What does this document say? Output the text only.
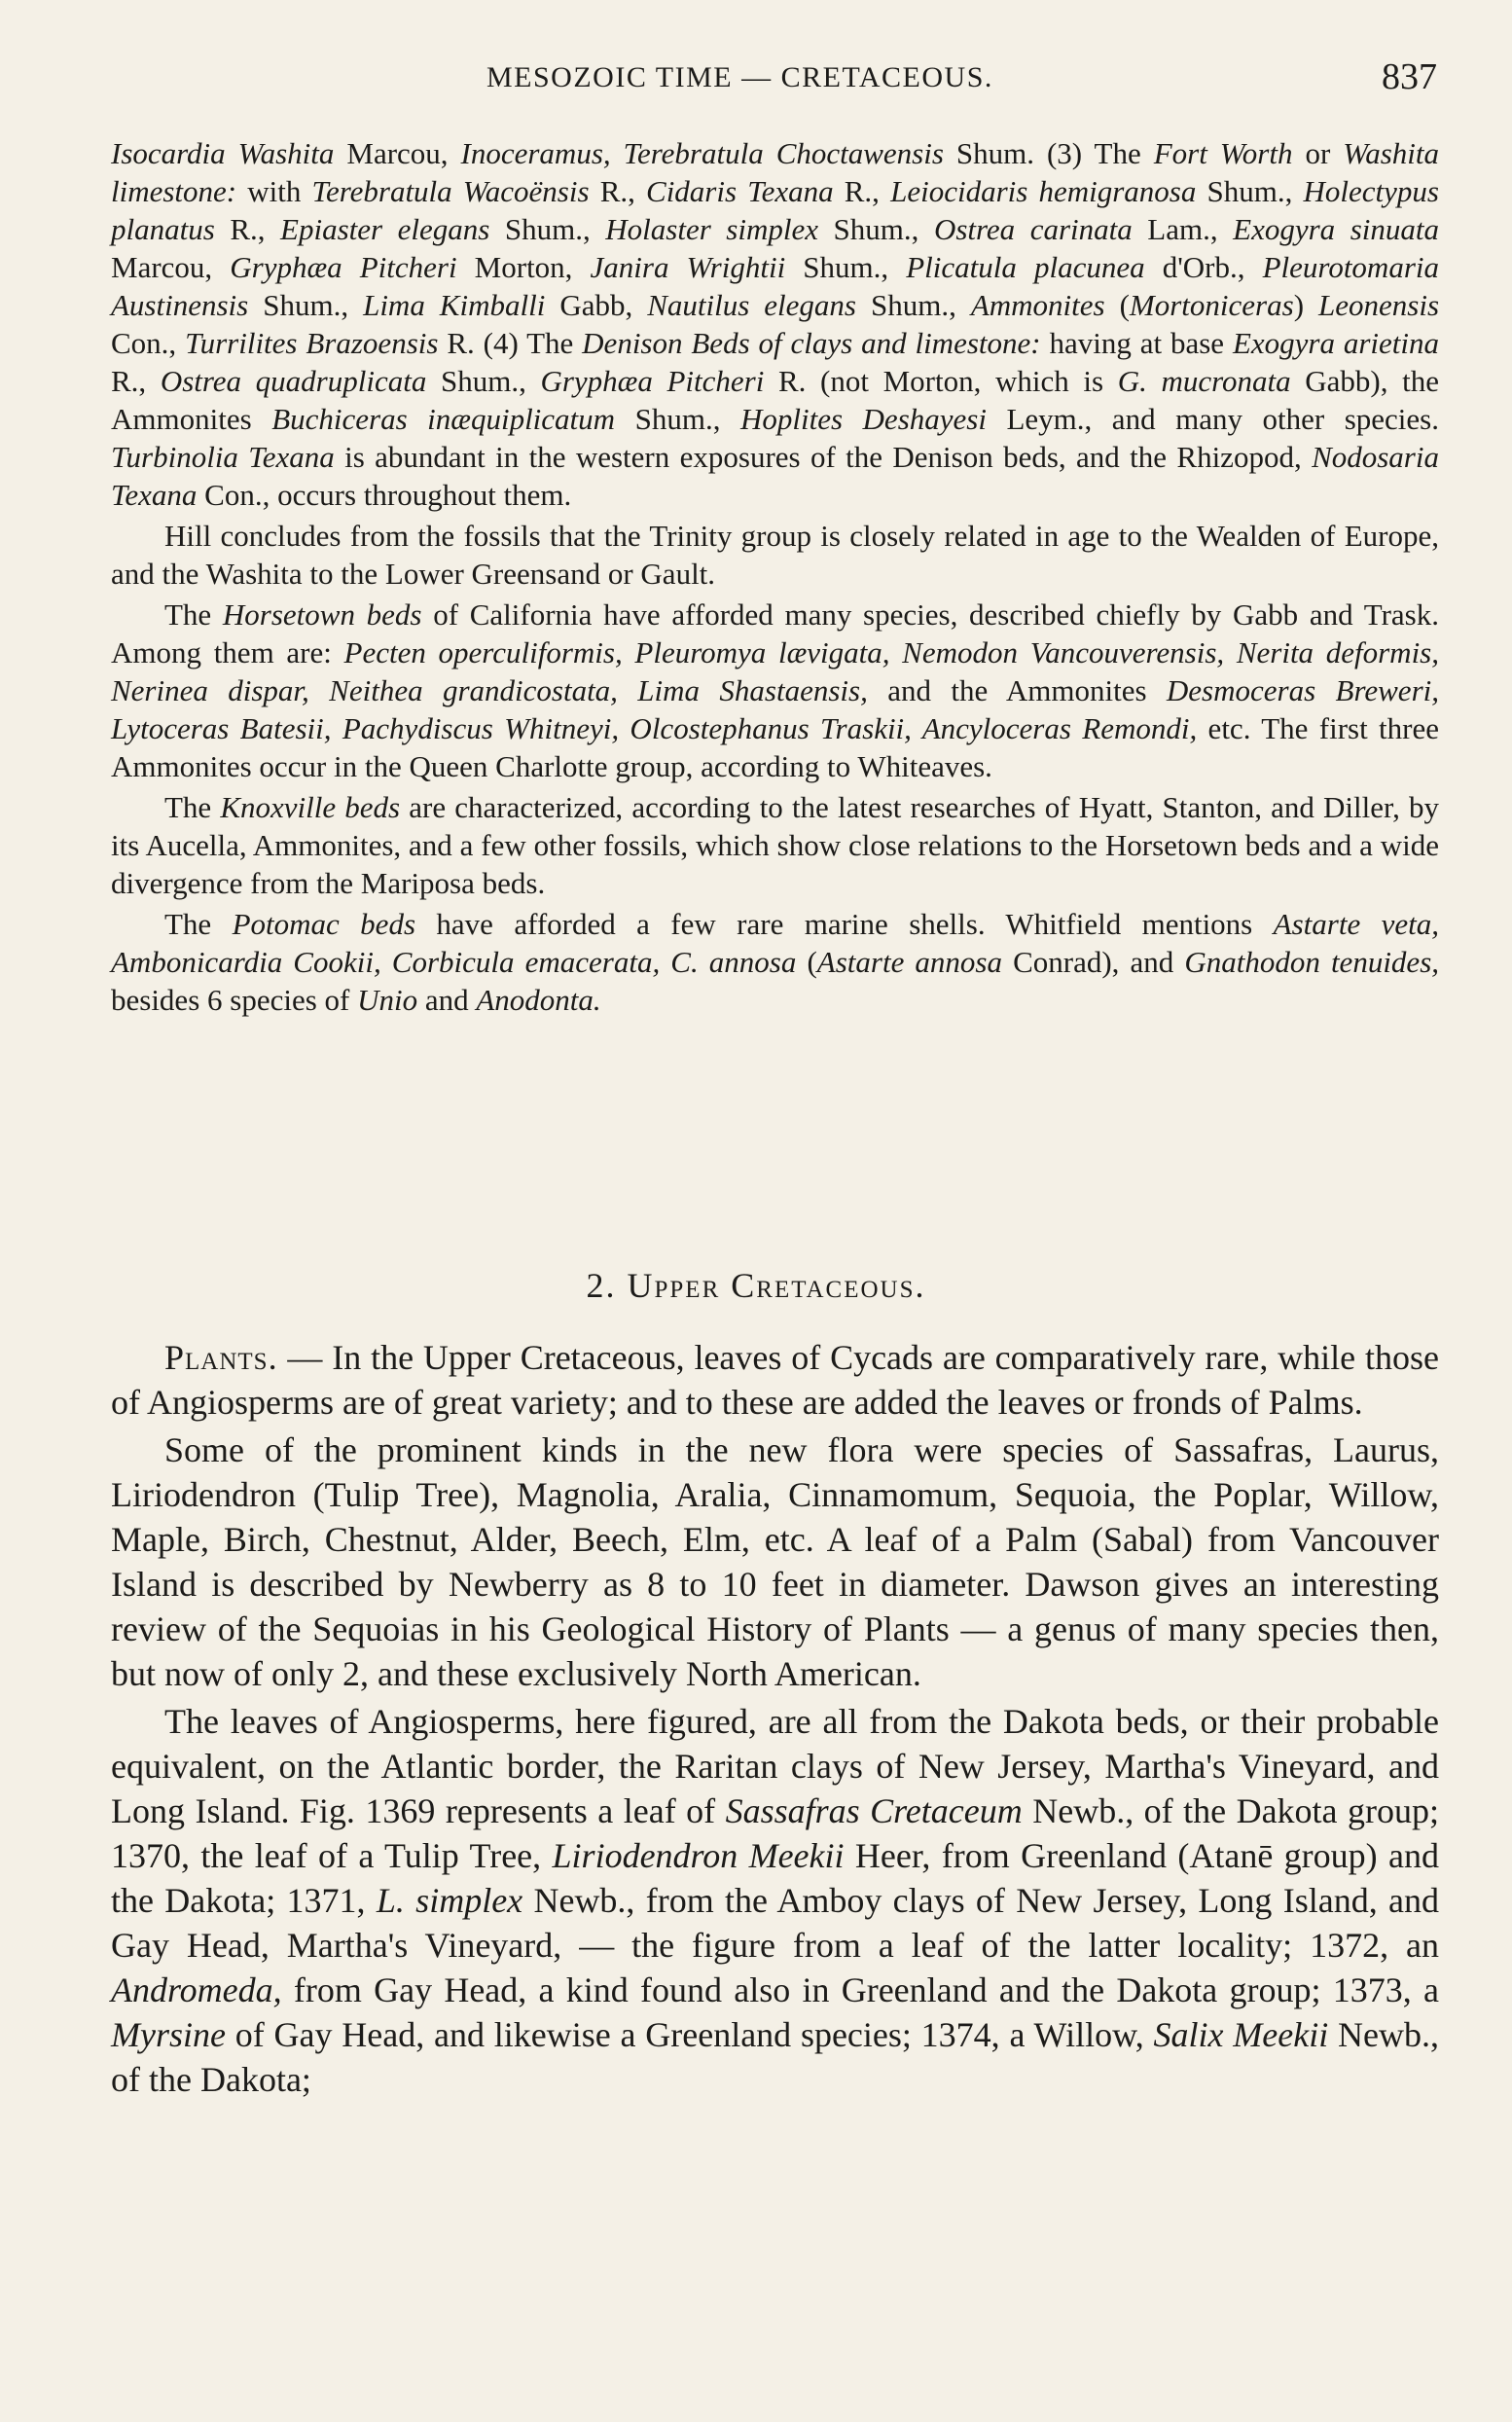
MESOZOIC TIME — CRETACEOUS.	837

Isocardia Washita Marcou, Inoceramus, Terebratula Choctawensis Shum. (3) The Fort Worth or Washita limestone: with Terebratula Wacoënsis R., Cidaris Texana R., Leiocidaris hemigranosa Shum., Holectypus planatus R., Epiaster elegans Shum., Holaster simplex Shum., Ostrea carinata Lam., Exogyra sinuata Marcou, Gryphæa Pitcheri Morton, Janira Wrightii Shum., Plicatula placunea d'Orb., Pleurotomaria Austinensis Shum., Lima Kimballi Gabb, Nautilus elegans Shum., Ammonites (Mortoniceras) Leonensis Con., Turrilites Brazoensis R. (4) The Denison Beds of clays and limestone: having at base Exogyra arietina R., Ostrea quadruplicata Shum., Gryphæa Pitcheri R. (not Morton, which is G. mucronata Gabb), the Ammonites Buchiceras inæquiplicatum Shum., Hoplites Deshayesi Leym., and many other species. Turbinolia Texana is abundant in the western exposures of the Denison beds, and the Rhizopod, Nodosaria Texana Con., occurs throughout them.

Hill concludes from the fossils that the Trinity group is closely related in age to the Wealden of Europe, and the Washita to the Lower Greensand or Gault.

The Horsetown beds of California have afforded many species, described chiefly by Gabb and Trask. Among them are: Pecten operculiformis, Pleuromya lævigata, Nemodon Vancouverensis, Nerita deformis, Nerinea dispar, Neithea grandicostata, Lima Shastaensis, and the Ammonites Desmoceras Breweri, Lytoceras Batesii, Pachydiscus Whitneyi, Olcostephanus Traskii, Ancyloceras Remondi, etc. The first three Ammonites occur in the Queen Charlotte group, according to Whiteaves.

The Knoxville beds are characterized, according to the latest researches of Hyatt, Stanton, and Diller, by its Aucella, Ammonites, and a few other fossils, which show close relations to the Horsetown beds and a wide divergence from the Mariposa beds.

The Potomac beds have afforded a few rare marine shells. Whitfield mentions Astarte veta, Ambonicardia Cookii, Corbicula emacerata, C. annosa (Astarte annosa Conrad), and Gnathodon tenuides, besides 6 species of Unio and Anodonta.

2. Upper Cretaceous.

Plants. — In the Upper Cretaceous, leaves of Cycads are comparatively rare, while those of Angiosperms are of great variety; and to these are added the leaves or fronds of Palms.

Some of the prominent kinds in the new flora were species of Sassafras, Laurus, Liriodendron (Tulip Tree), Magnolia, Aralia, Cinnamomum, Sequoia, the Poplar, Willow, Maple, Birch, Chestnut, Alder, Beech, Elm, etc. A leaf of a Palm (Sabal) from Vancouver Island is described by Newberry as 8 to 10 feet in diameter. Dawson gives an interesting review of the Sequoias in his Geological History of Plants — a genus of many species then, but now of only 2, and these exclusively North American.

The leaves of Angiosperms, here figured, are all from the Dakota beds, or their probable equivalent, on the Atlantic border, the Raritan clays of New Jersey, Martha's Vineyard, and Long Island. Fig. 1369 represents a leaf of Sassafras Cretaceum Newb., of the Dakota group; 1370, the leaf of a Tulip Tree, Liriodendron Meekii Heer, from Greenland (Atanē group) and the Dakota; 1371, L. simplex Newb., from the Amboy clays of New Jersey, Long Island, and Gay Head, Martha's Vineyard, — the figure from a leaf of the latter locality; 1372, an Andromeda, from Gay Head, a kind found also in Greenland and the Dakota group; 1373, a Myrsine of Gay Head, and likewise a Greenland species; 1374, a Willow, Salix Meekii Newb., of the Dakota;
